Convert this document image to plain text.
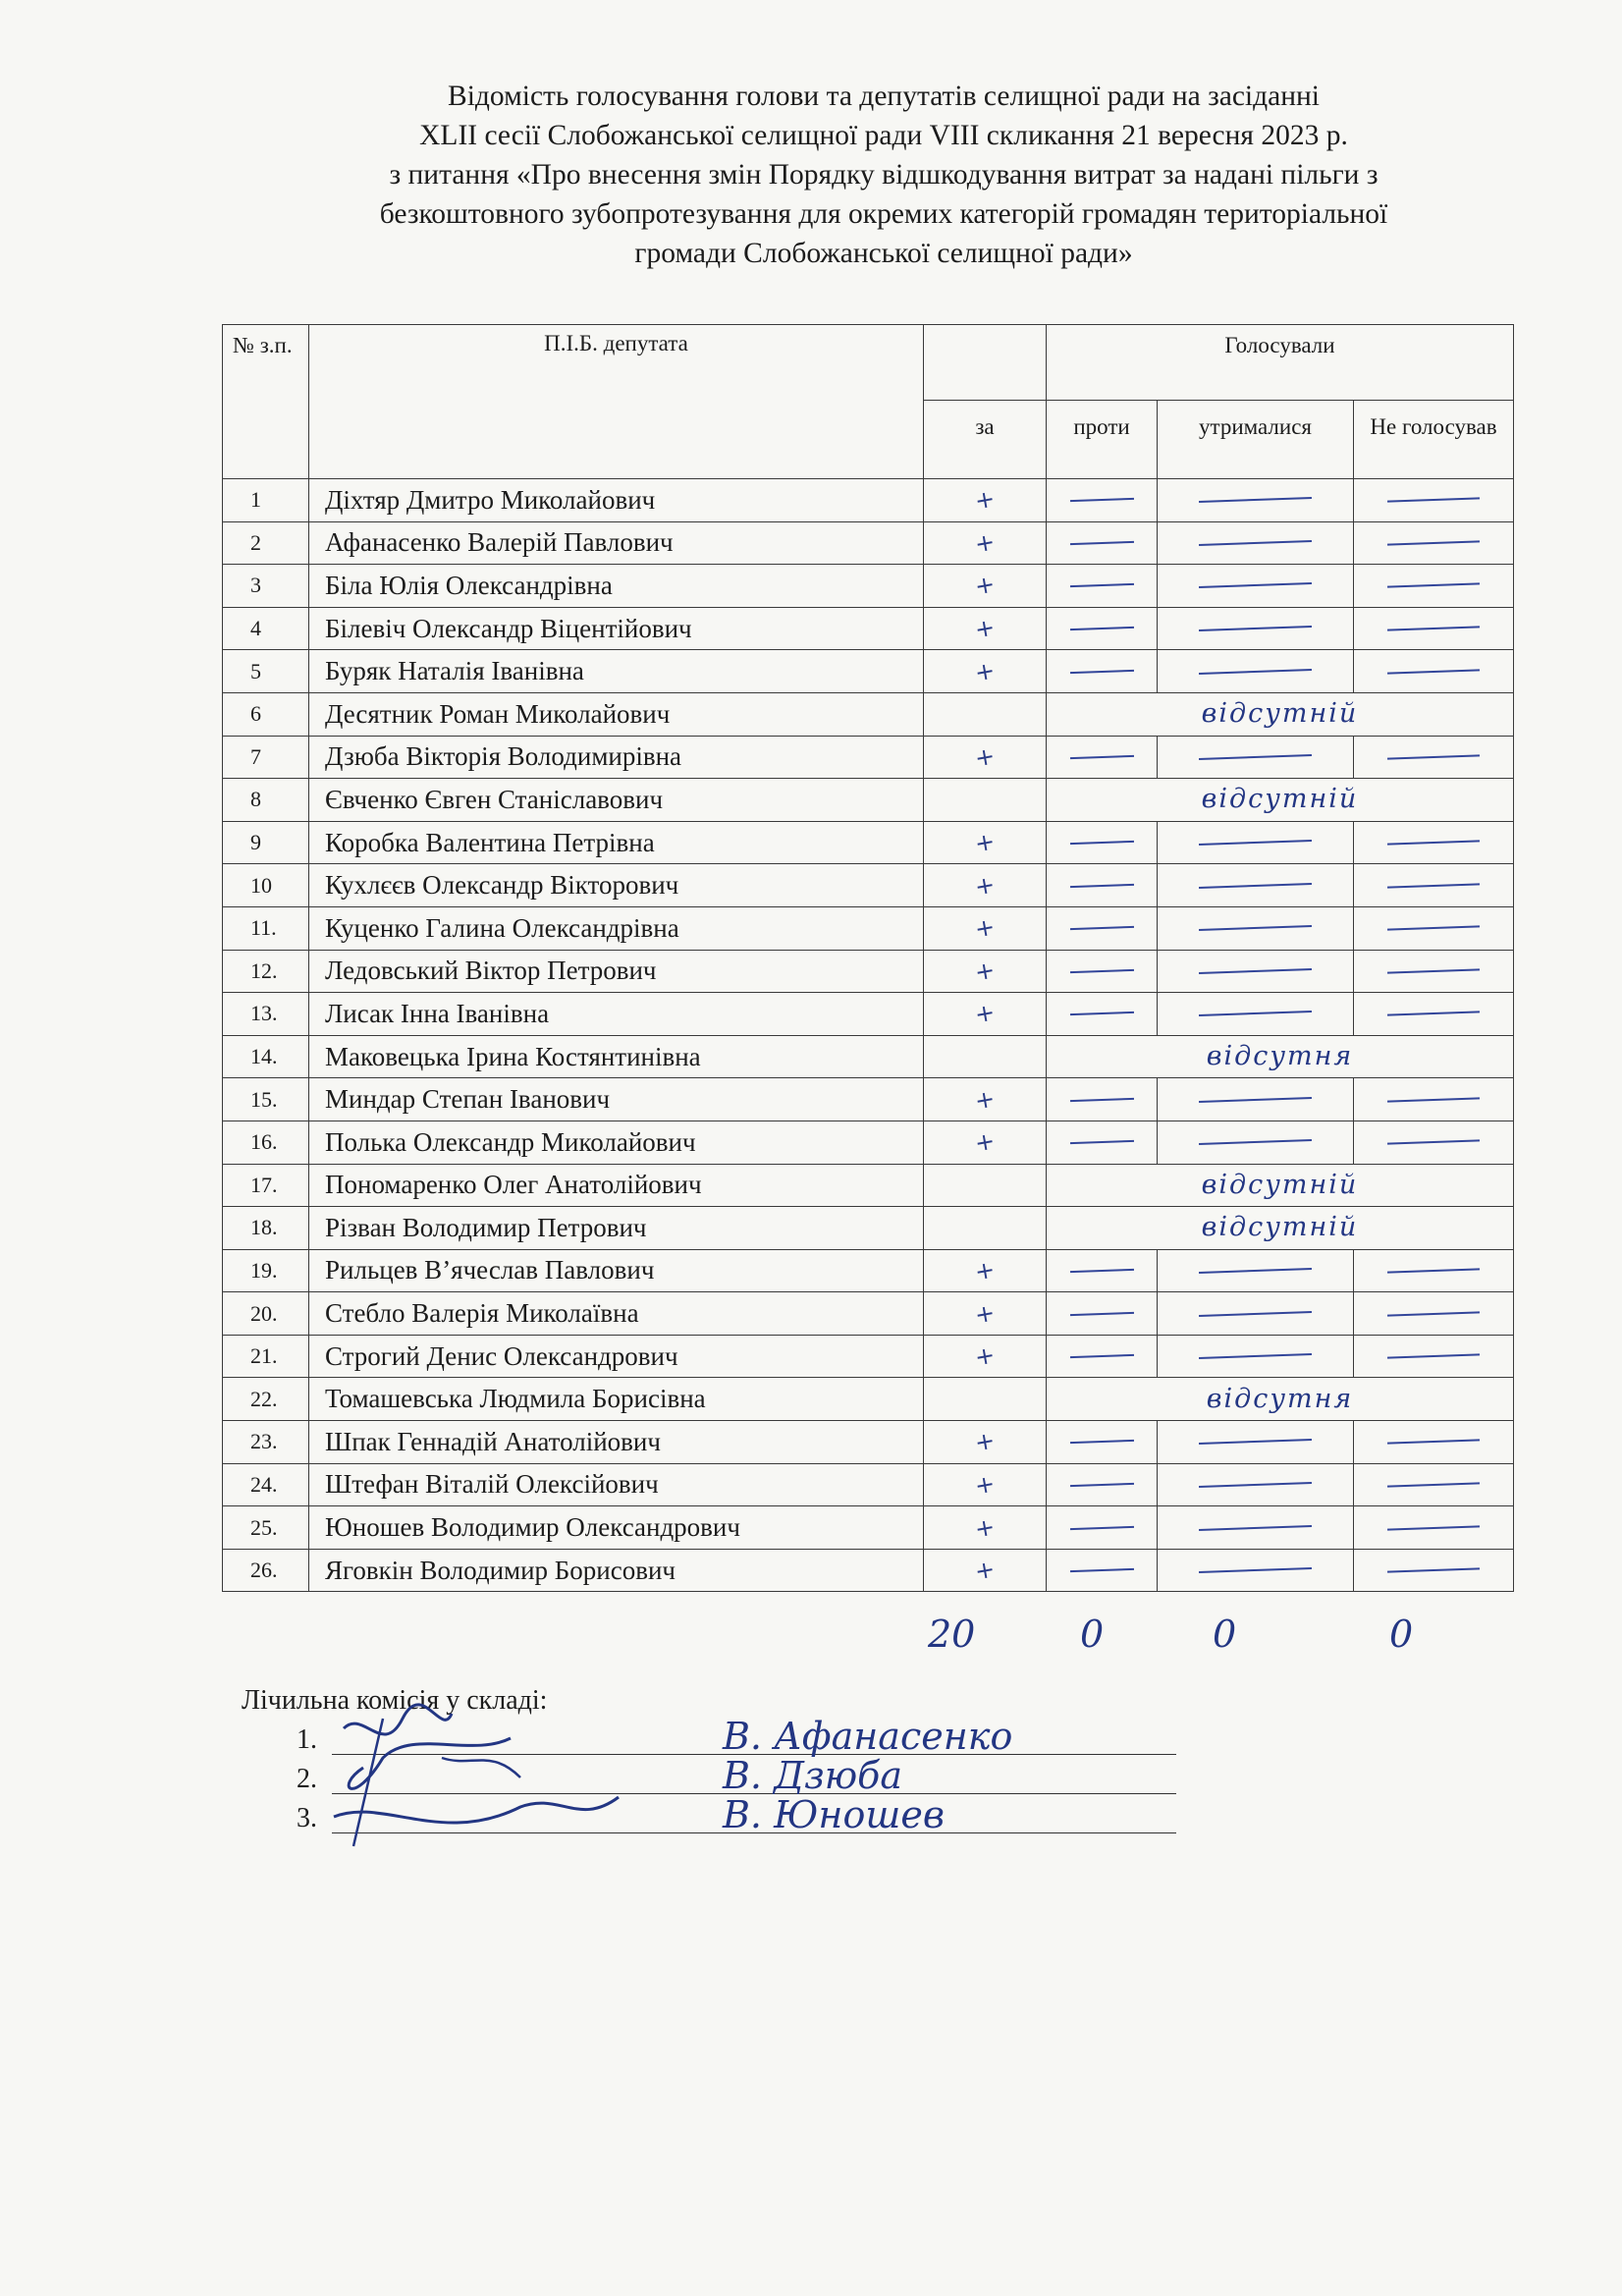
Відомість голосування голови та депутатів селищної ради на засіданні
XLII сесії Слобожанської селищної ради VIII скликання 21 вересня 2023 р.
з питання «Про внесення змін Порядку відшкодування витрат за надані пільги з
безкоштовного зубопротезування для окремих категорій громадян територіальної
громади Слобожанської селищної ради»
№ з.п.	П.І.Б. депутата		Голосували		
		за	проти	утрималися	Не голосував
1	Діхтяр Дмитро Миколайович	+			

2	Афанасенко Валерій Павлович	+			

3	Біла Юлія Олександрівна	+			

4	Білевіч Олександр Віцентійович	+			

5	Буряк Наталія Іванівна	+			

6	Десятник Роман Миколайович		відсутній		
7	Дзюба Вікторія Володимирівна	+			

8	Євченко Євген Станіславович		відсутній		
9	Коробка Валентина Петрівна	+			

10	Кухлєєв Олександр Вікторович	+			

11.	Куценко Галина Олександрівна	+			

12.	Ледовський Віктор Петрович	+			

13.	Лисак Інна Іванівна	+			

14.	Маковецька Ірина Костянтинівна		відсутня		
15.	Миндар Степан Іванович	+			

16.	Полька Олександр Миколайович	+			

17.	Пономаренко Олег Анатолійович		відсутній		
18.	Різван Володимир Петрович		відсутній		
19.	Рильцев В’ячеслав Павлович	+			

20.	Стебло Валерія Миколаївна	+			

21.	Строгий Денис Олександрович	+			

22.	Томашевська Людмила Борисівна		відсутня		
23.	Шпак Геннадій Анатолійович	+			

24.	Штефан Віталій Олексійович	+			

25.	Юношев Володимир Олександрович	+			

26.	Яговкін Володимир Борисович	+			

20	0	0	0
Лічильна комісія у складі:
1.	В. Афанасенко
2.	В. Дзюба
3.	В. Юношев
